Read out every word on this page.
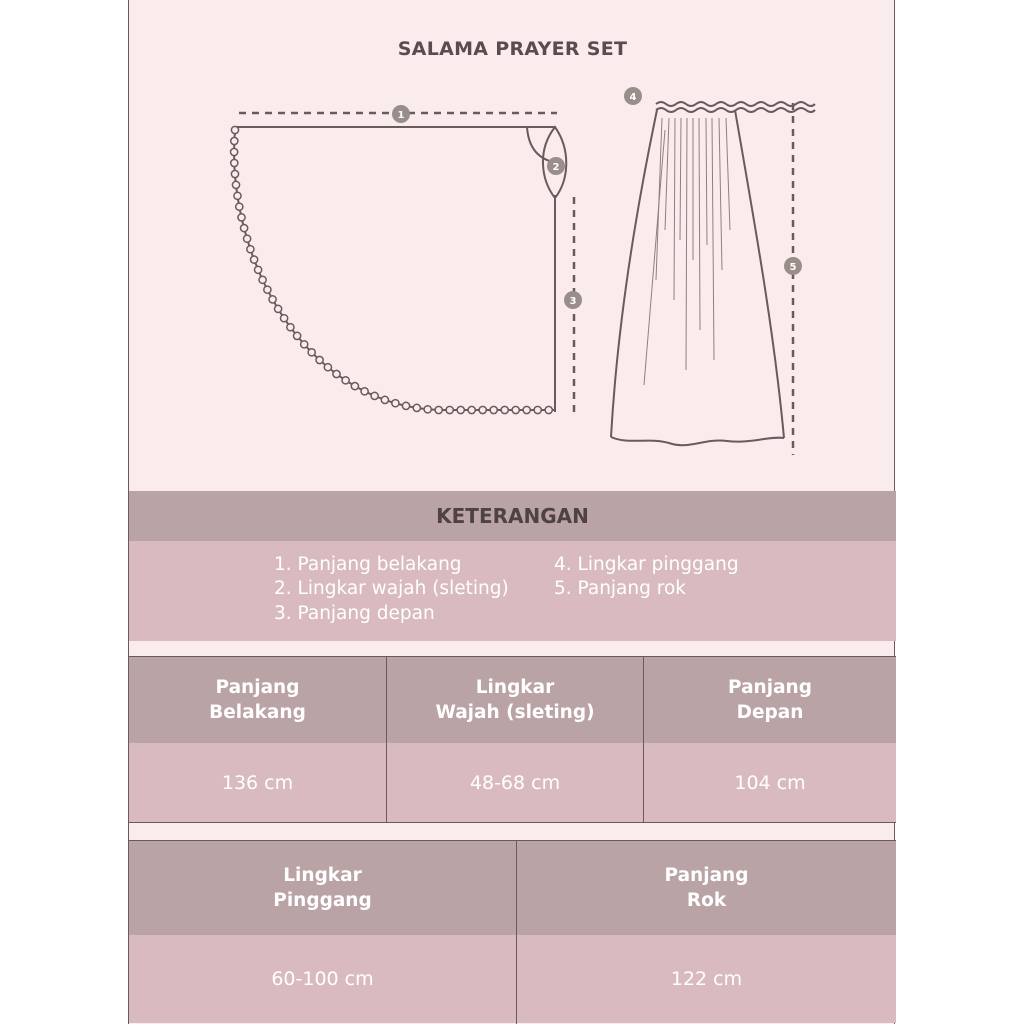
SALAMA PRAYER SET
1
2
3
4
5
KETERANGAN
1. Panjang belakang
2. Lingkar wajah (sleting)
3. Panjang depan
4. Lingkar pinggang
5. Panjang rok
Panjang
Belakang
136 cm
Lingkar
Wajah (sleting)
48-68 cm
Panjang
Depan
104 cm
Lingkar
Pinggang
60-100 cm
Panjang
Rok
122 cm
